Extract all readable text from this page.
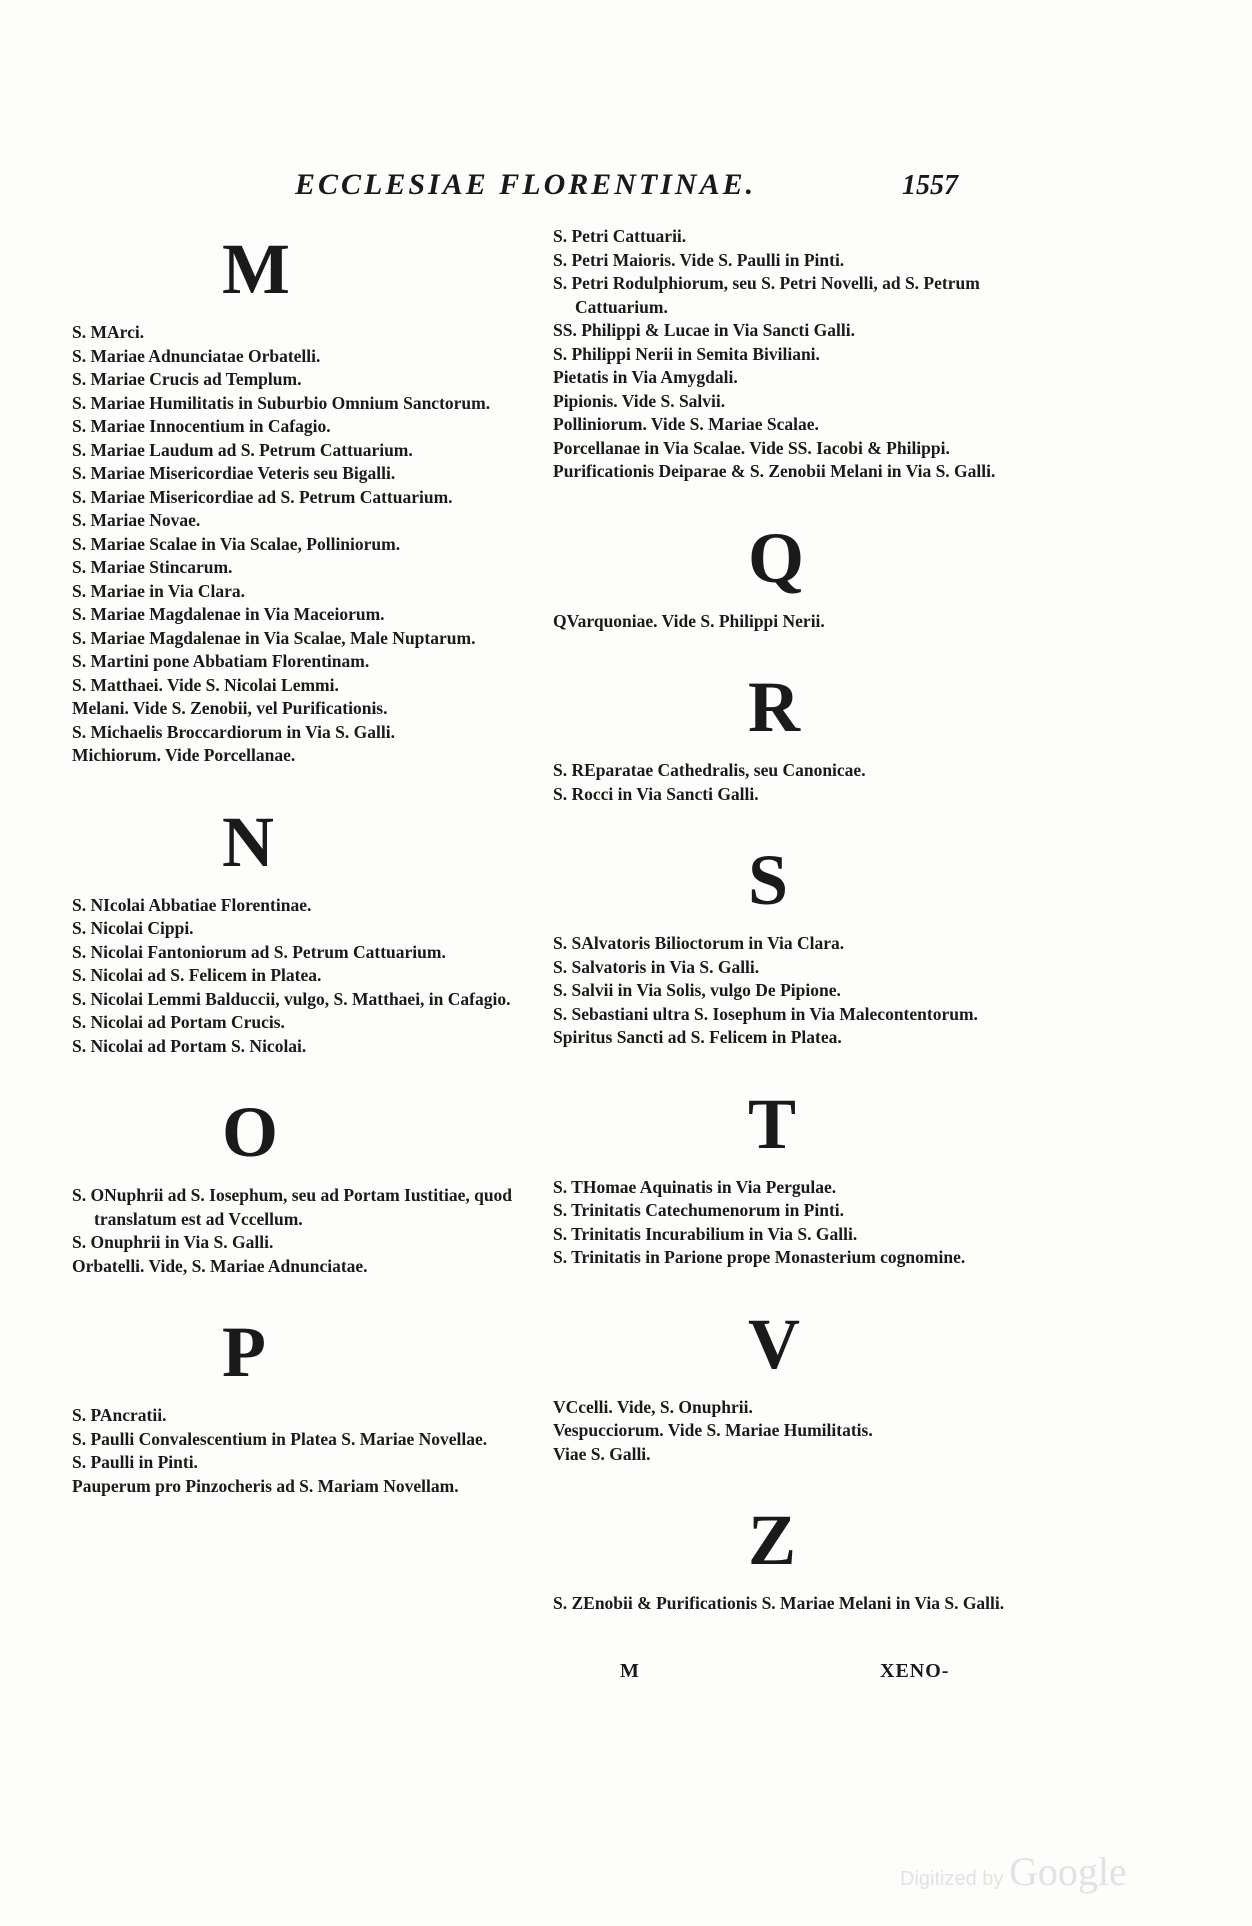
ECCLESIAE FLORENTINAE.	1557
M
S. MArci.
S. Mariae Adnunciatae Orbatelli.
S. Mariae Crucis ad Templum.
S. Mariae Humilitatis in Suburbio Omnium Sanctorum.
S. Mariae Innocentium in Cafagio.
S. Mariae Laudum ad S. Petrum Cattuarium.
S. Mariae Misericordiae Veteris seu Bigalli.
S. Mariae Misericordiae ad S. Petrum Cattuarium.
S. Mariae Novae.
S. Mariae Scalae in Via Scalae, Polliniorum.
S. Mariae Stincarum.
S. Mariae in Via Clara.
S. Mariae Magdalenae in Via Maceiorum.
S. Mariae Magdalenae in Via Scalae, Male Nuptarum.
S. Martini pone Abbatiam Florentinam.
S. Matthaei. Vide S. Nicolai Lemmi.
Melani. Vide S. Zenobii, vel Purificationis.
S. Michaelis Broccardiorum in Via S. Galli.
Michiorum. Vide Porcellanae.
N
S. NIcolai Abbatiae Florentinae.
S. Nicolai Cippi.
S. Nicolai Fantoniorum ad S. Petrum Cattuarium.
S. Nicolai ad S. Felicem in Platea.
S. Nicolai Lemmi Balduccii, vulgo, S. Matthaei, in Cafagio.
S. Nicolai ad Portam Crucis.
S. Nicolai ad Portam S. Nicolai.
O
S. ONuphrii ad S. Iosephum, seu ad Portam Iustitiae, quod translatum est ad Vccellum.
S. Onuphrii in Via S. Galli.
Orbatelli. Vide, S. Mariae Adnunciatae.
P
S. PAncratii.
S. Paulli Convalescentium in Platea S. Mariae Novellae.
S. Paulli in Pinti.
Pauperum pro Pinzocheris ad S. Mariam Novellam.
S. Petri Cattuarii.
S. Petri Maioris. Vide S. Paulli in Pinti.
S. Petri Rodulphiorum, seu S. Petri Novelli, ad S. Petrum Cattuarium.
SS. Philippi & Lucae in Via Sancti Galli.
S. Philippi Nerii in Semita Biviliani.
Pietatis in Via Amygdali.
Pipionis. Vide S. Salvii.
Polliniorum. Vide S. Mariae Scalae.
Porcellanae in Via Scalae. Vide SS. Iacobi & Philippi.
Purificationis Deiparae & S. Zenobii Melani in Via S. Galli.
Q
QVarquoniae. Vide S. Philippi Nerii.
R
S. REparatae Cathedralis, seu Canonicae.
S. Rocci in Via Sancti Galli.
S
S. SAlvatoris Bilioctorum in Via Clara.
S. Salvatoris in Via S. Galli.
S. Salvii in Via Solis, vulgo De Pipione.
S. Sebastiani ultra S. Iosephum in Via Malecontentorum.
Spiritus Sancti ad S. Felicem in Platea.
T
S. THomae Aquinatis in Via Pergulae.
S. Trinitatis Catechumenorum in Pinti.
S. Trinitatis Incurabilium in Via S. Galli.
S. Trinitatis in Parione prope Monasterium cognomine.
V
VCcelli. Vide, S. Onuphrii.
Vespucciorum. Vide S. Mariae Humilitatis.
Viae S. Galli.
Z
S. ZEnobii & Purificationis S. Mariae Melani in Via S. Galli.
M	XENO-
Digitized by Google
